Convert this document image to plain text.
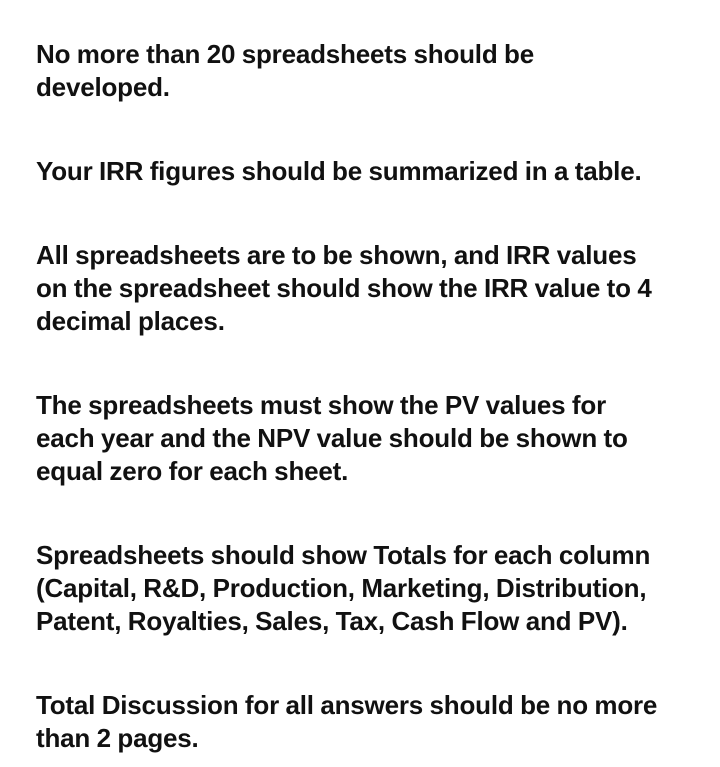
No more than 20 spreadsheets should be
developed.

Your IRR figures should be summarized in a table.

All spreadsheets are to be shown, and IRR values
on the spreadsheet should show the IRR value to 4
decimal places.

The spreadsheets must show the PV values for
each year and the NPV value should be shown to
equal zero for each sheet.

Spreadsheets should show Totals for each column
(Capital, R&D, Production, Marketing, Distribution,
Patent, Royalties, Sales, Tax, Cash Flow and PV).

Total Discussion for all answers should be no more
than 2 pages.
